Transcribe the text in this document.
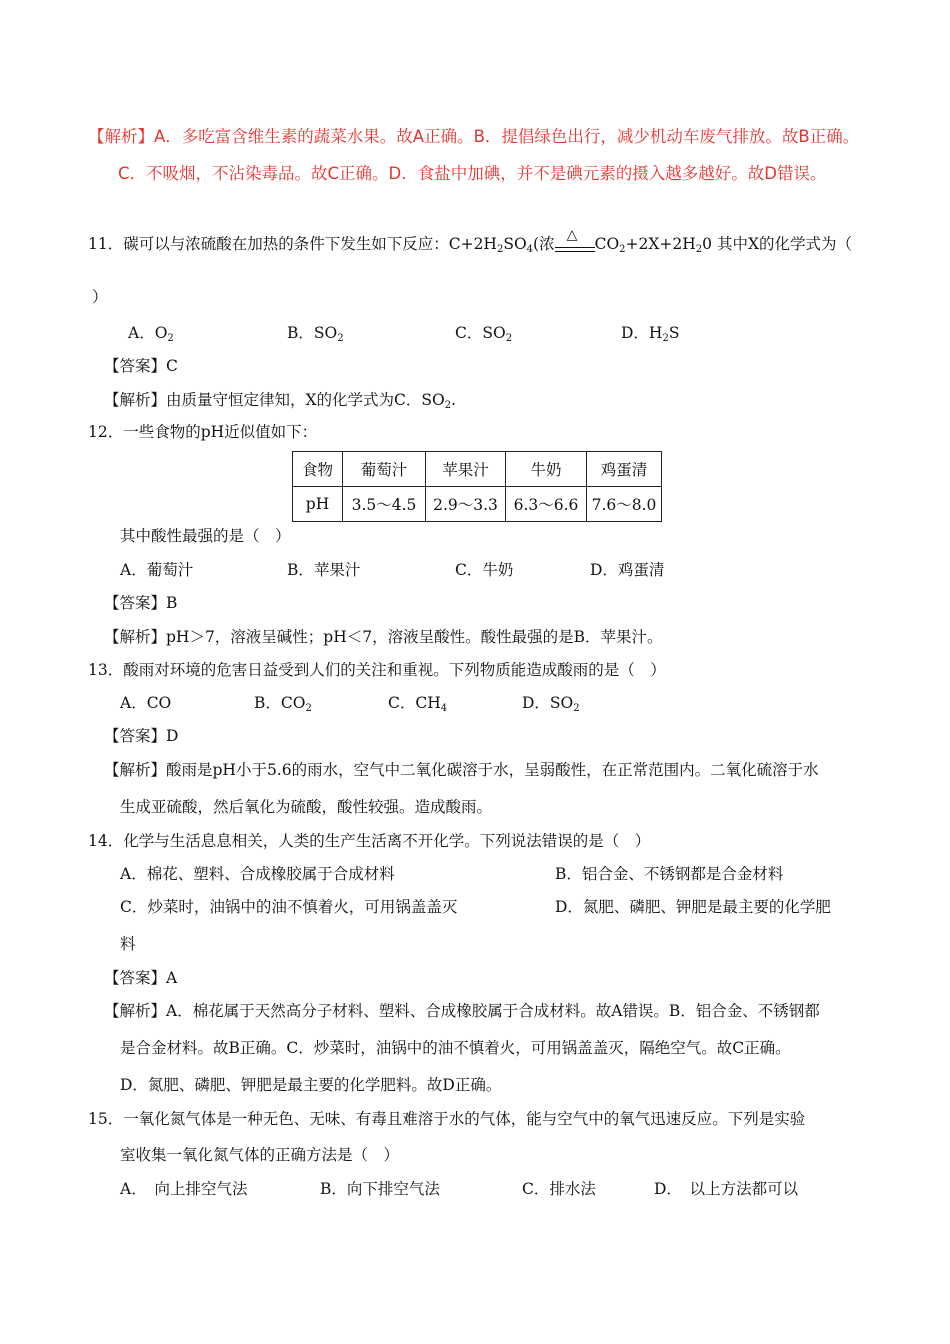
【解析】A．多吃富含维生素的蔬菜水果。故A正确。B．提倡绿色出行，减少机动车废气排放。故B正确。
C．不吸烟，不沾染毒品。故C正确。D．食盐中加碘，并不是碘元素的摄入越多越好。故D错误。
11．碳可以与浓硫酸在加热的条件下发生如下反应：$C+2H_2SO_4$(浓 △ $CO_2+2X+2H_20$ 其中X的化学式为（
）
A．$O_2$	B．$SO_2$	C．$SO_2$	D．$H_2S$
【答案】C
【解析】由质量守恒定律知，X的化学式为C．$SO_2$.
12．一些食物的pH近似值如下：
食物	葡萄汁	苹果汁	牛奶	鸡蛋清
pH	3.5～4.5	2.9～3.3	6.3～6.6	7.6～8.0
其中酸性最强的是（　）
A．葡萄汁	B．苹果汁	C．牛奶	D．鸡蛋清
【答案】B
【解析】pH＞7，溶液呈碱性；pH＜7，溶液呈酸性。酸性最强的是B．苹果汁。
13．酸雨对环境的危害日益受到人们的关注和重视。下列物质能造成酸雨的是（　）
A．CO	B．$CO_2$	C．$CH_4$	D．$SO_2$
【答案】D
【解析】酸雨是pH小于5.6的雨水，空气中二氧化碳溶于水，呈弱酸性，在正常范围内。二氧化硫溶于水
生成亚硫酸，然后氧化为硫酸，酸性较强。造成酸雨。
14．化学与生活息息相关，人类的生产生活离不开化学。下列说法错误的是（　）
A．棉花、塑料、合成橡胶属于合成材料	B．铝合金、不锈钢都是合金材料
C．炒菜时，油锅中的油不慎着火，可用锅盖盖灭	D．氮肥、磷肥、钾肥是最主要的化学肥
料
【答案】A
【解析】A．棉花属于天然高分子材料、塑料、合成橡胶属于合成材料。故A错误。B．铝合金、不锈钢都
是合金材料。故B正确。C．炒菜时，油锅中的油不慎着火，可用锅盖盖灭，隔绝空气。故C正确。
D．氮肥、磷肥、钾肥是最主要的化学肥料。故D正确。
15．一氧化氮气体是一种无色、无味、有毒且难溶于水的气体，能与空气中的氧气迅速反应。下列是实验
室收集一氧化氮气体的正确方法是（　）
A．　向上排空气法	B．向下排空气法	C．排水法	D．　以上方法都可以
